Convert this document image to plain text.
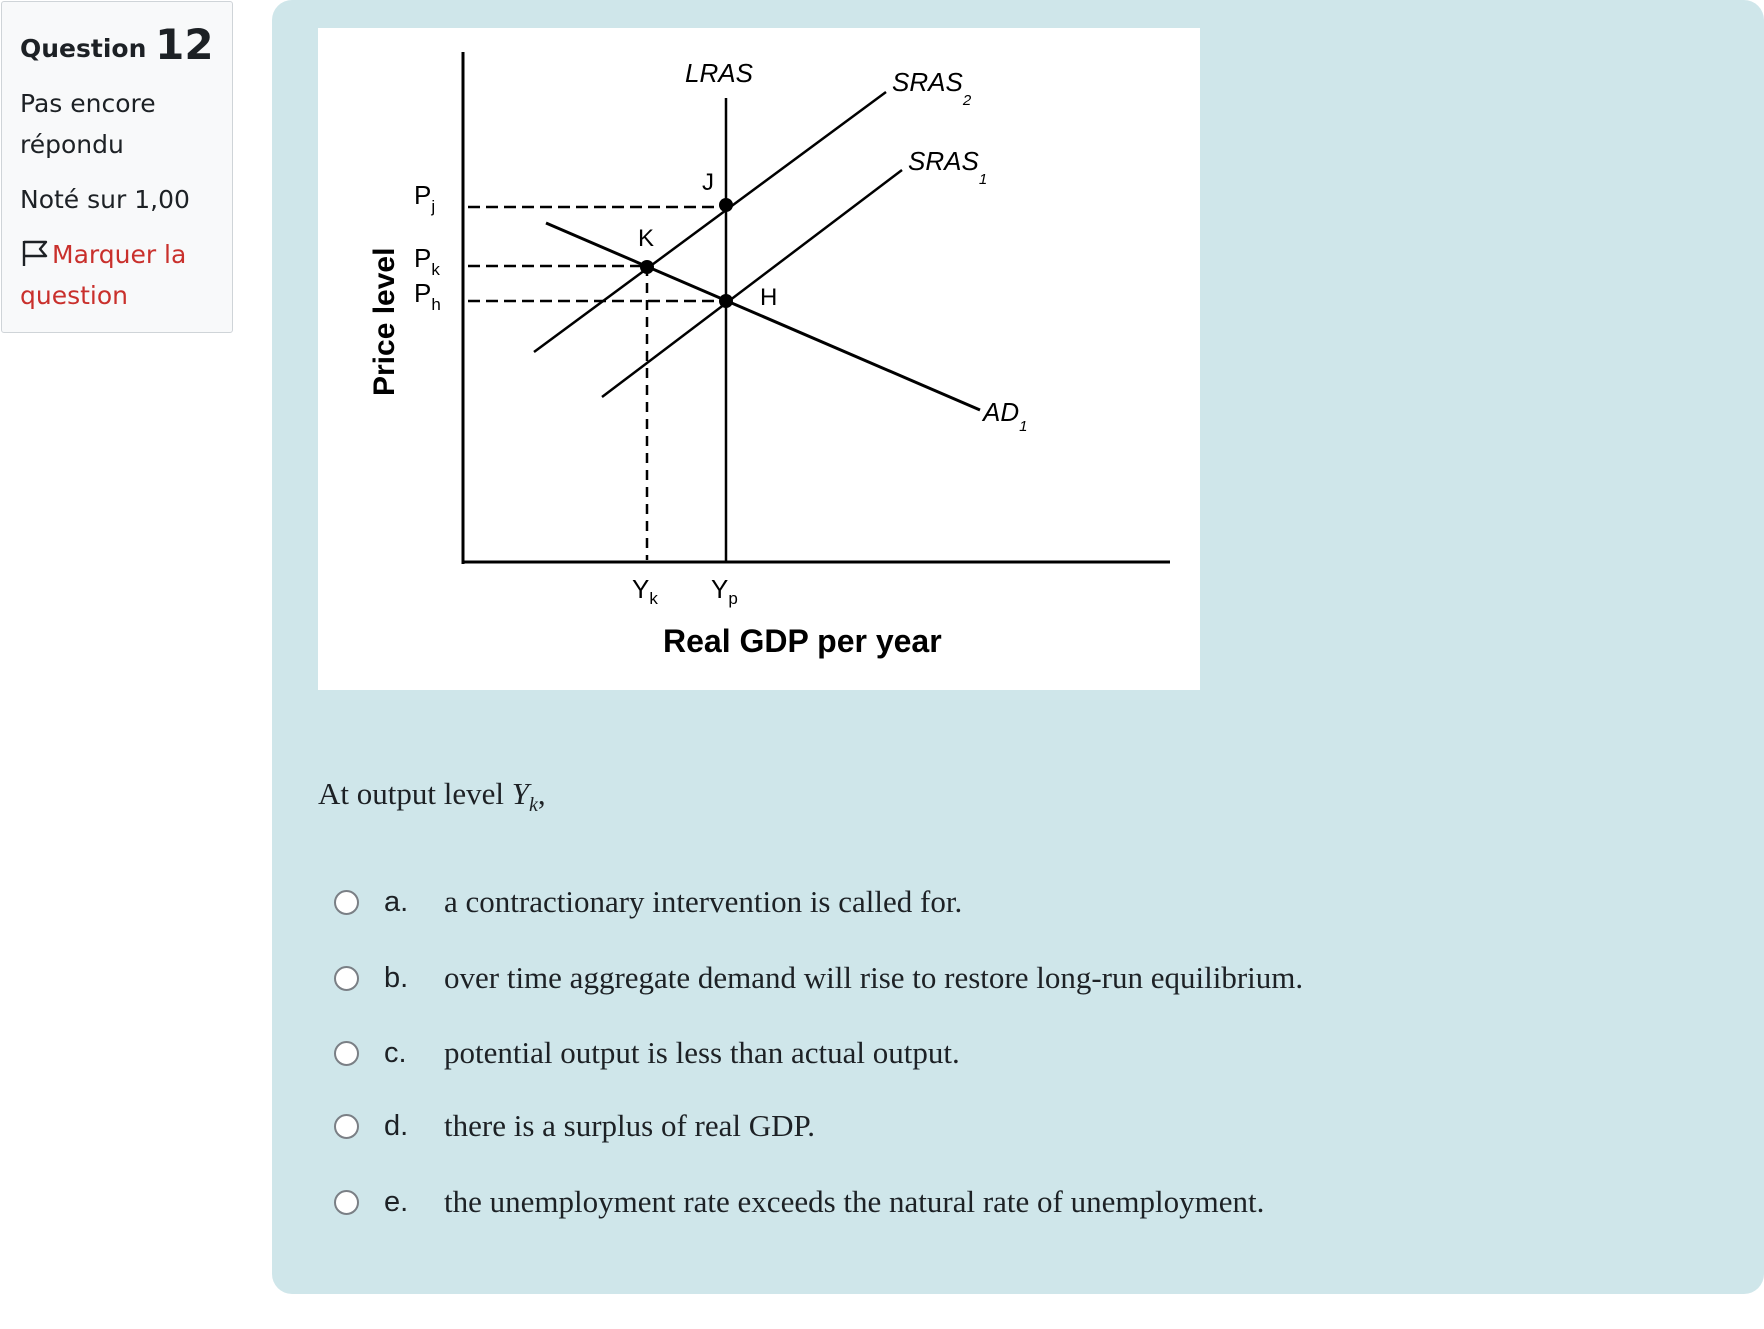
Question 12
Pas encore répondu
Noté sur 1,00
Marquer la question
J
K
H
LRAS	$SRAS_2$
$SRAS_1$
$AD_1$
$P_j$
$P_k$
$P_h$
$Y_k$ $Y_p$
Real GDP per year
Price level

At output level $Y_k$,

a. a contractionary intervention is called for.
b. over time aggregate demand will rise to restore long-run equilibrium.
c. potential output is less than actual output.
d. there is a surplus of real GDP.
e. the unemployment rate exceeds the natural rate of unemployment.
